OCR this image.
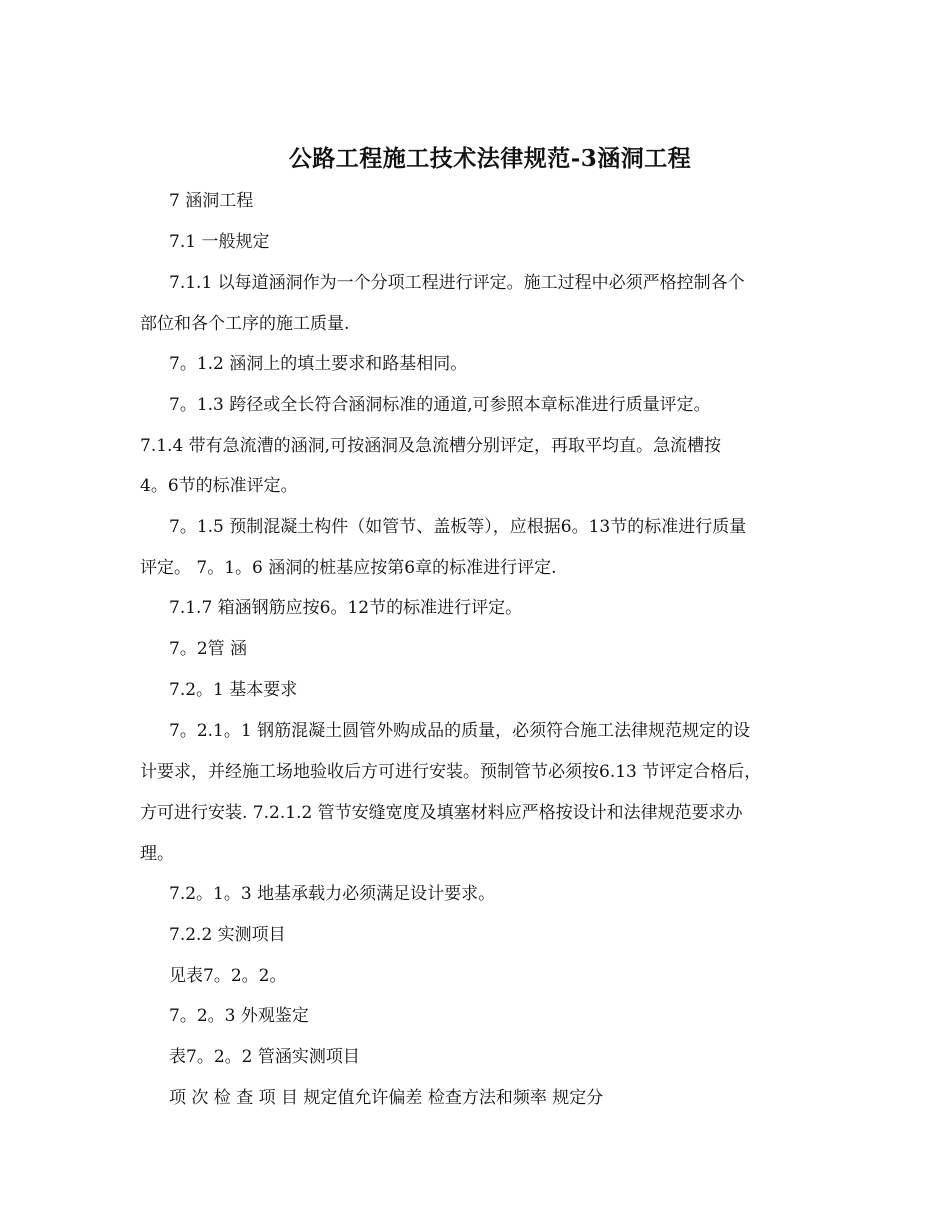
公路工程施工技术法律规范-3涵洞工程
7 涵洞工程
7.1 一般规定
7.1.1 以每道涵洞作为一个分项工程进行评定。施工过程中必须严格控制各个
部位和各个工序的施工质量.
7。1.2 涵洞上的填土要求和路基相同。
7。1.3 跨径或全长符合涵洞标准的通道,可参照本章标准进行质量评定。
7.1.4 带有急流漕的涵洞,可按涵洞及急流槽分别评定，再取平均直。急流槽按
4。6节的标准评定。
7。1.5 预制混凝土构件（如管节、盖板等），应根据6。13节的标准进行质量
评定。 7。1。6 涵洞的桩基应按第6章的标准进行评定.
7.1.7 箱涵钢筋应按6。12节的标准进行评定。
7。2管 涵
7.2。1 基本要求
7。2.1。1 钢筋混凝土圆管外购成品的质量，必须符合施工法律规范规定的设
计要求，并经施工场地验收后方可进行安装。预制管节必须按6.13 节评定合格后，
方可进行安装. 7.2.1.2 管节安缝宽度及填塞材料应严格按设计和法律规范要求办
理。
7.2。1。3 地基承载力必须满足设计要求。
7.2.2 实测项目
见表7。2。2。
7。2。3 外观鉴定
表7。2。2 管涵实测项目
项 次 检 查 项 目 规定值允许偏差 检查方法和频率 规定分
